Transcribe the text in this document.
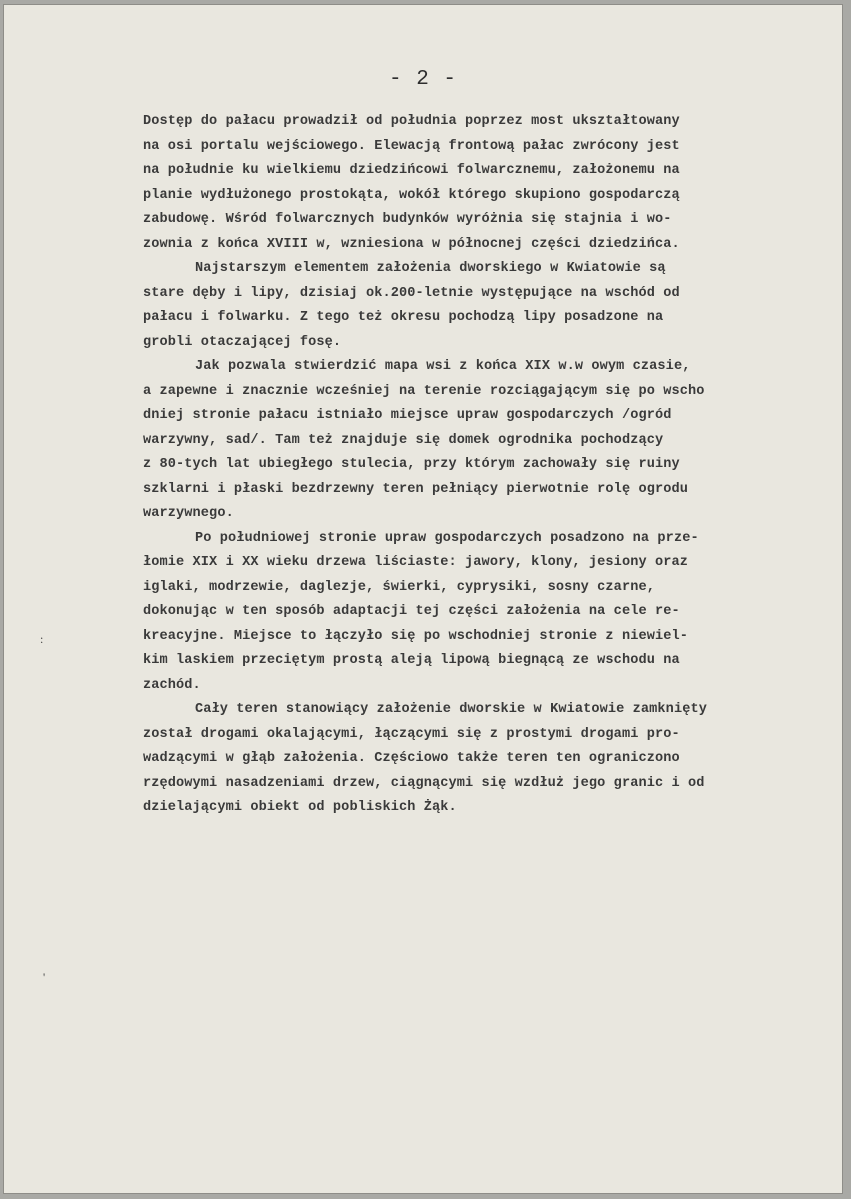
- 2 -
Dostęp do pałacu prowadził od południa poprzez most ukształtowany
na osi portalu wejściowego. Elewacją frontową pałac zwrócony jest
na południe ku wielkiemu dziedzińcowi folwarcznemu, założonemu na
planie wydłużonego prostokąta, wokół którego skupiono gospodarczą
zabudowę. Wśród folwarcznych budynków wyróżnia się stajnia i wo-
zownia z końca XVIII w, wzniesiona w północnej części dziedzińca.
Najstarszym elementem założenia dworskiego w Kwiatowie są
stare dęby i lipy, dzisiaj ok.200-letnie występujące na wschód od
pałacu i folwarku. Z tego też okresu pochodzą lipy posadzone na
grobli otaczającej fosę.
Jak pozwala stwierdzić mapa wsi z końca XIX w.w owym czasie,
a zapewne i znacznie wcześniej na terenie rozciągającym się po wscho
dniej stronie pałacu istniało miejsce upraw gospodarczych /ogród
warzywny, sad/. Tam też znajduje się domek ogrodnika pochodzący
z 80-tych lat ubiegłego stulecia, przy którym zachowały się ruiny
szklarni i płaski bezdrzewny teren pełniący pierwotnie rolę ogrodu
warzywnego.
Po południowej stronie upraw gospodarczych posadzono na prze-
łomie XIX i XX wieku drzewa liściaste: jawory, klony, jesiony oraz
iglaki, modrzewie, daglezje, świerki, cyprysiki, sosny czarne,
dokonując w ten sposób adaptacji tej części założenia na cele re-
kreacyjne. Miejsce to łączyło się po wschodniej stronie z niewiel-
kim laskiem przeciętym prostą aleją lipową biegnącą ze wschodu na
zachód.
Cały teren stanowiący założenie dworskie w Kwiatowie zamknięty
został drogami okalającymi, łączącymi się z prostymi drogami pro-
wadzącymi w głąb założenia. Częściowo także teren ten ograniczono
rzędowymi nasadzeniami drzew, ciągnącymi się wzdłuż jego granic i od
dzielającymi obiekt od pobliskich Żąk.
:
'
